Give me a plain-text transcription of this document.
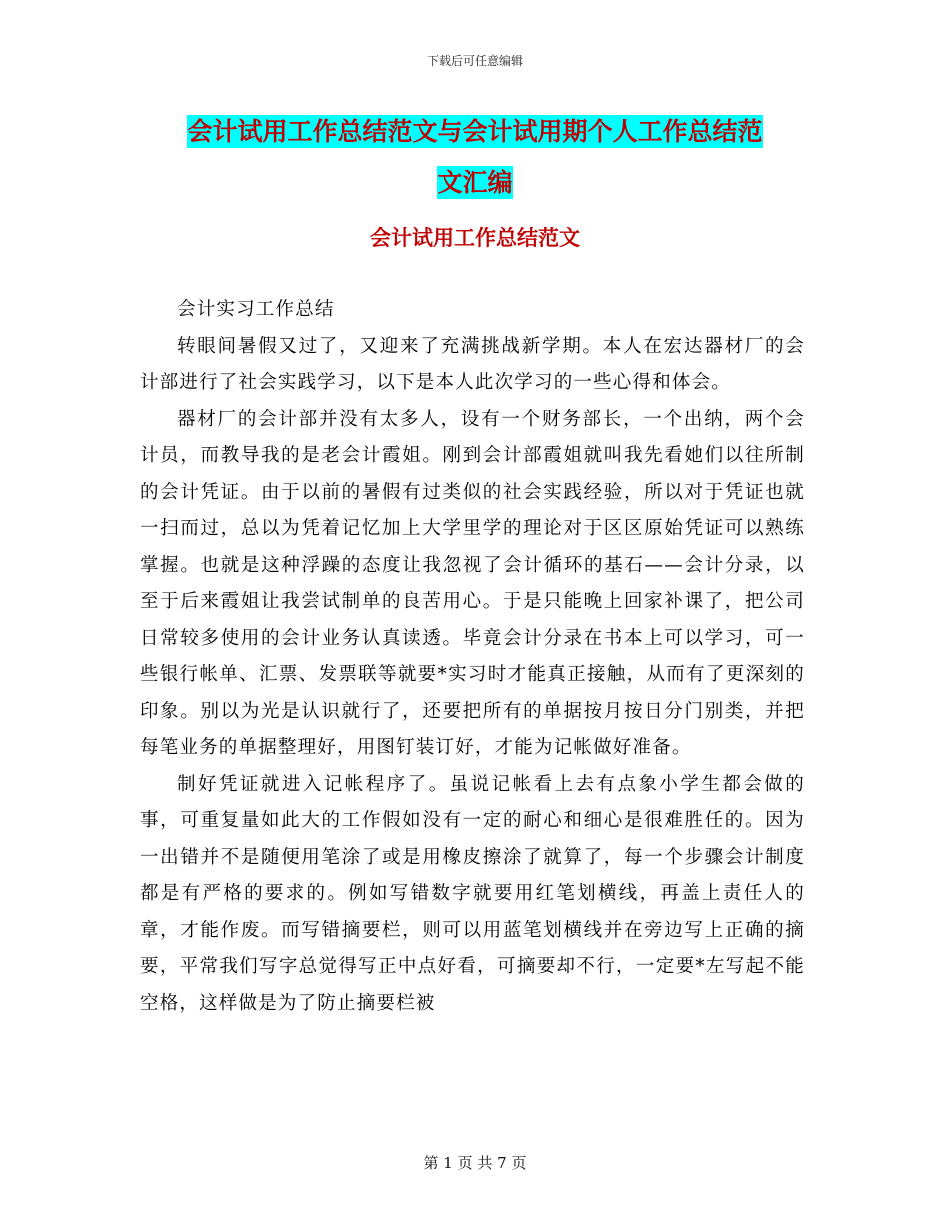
下载后可任意编辑
会计试用工作总结范文与会计试用期个人工作总结范
文汇编
会计试用工作总结范文

会计实习工作总结

转眼间暑假又过了，又迎来了充满挑战新学期。本人在宏达器材厂的会计部进行了社会实践学习，以下是本人此次学习的一些心得和体会。

器材厂的会计部并没有太多人，设有一个财务部长，一个出纳，两个会计员，而教导我的是老会计霞姐。刚到会计部霞姐就叫我先看她们以往所制的会计凭证。由于以前的暑假有过类似的社会实践经验，所以对于凭证也就一扫而过，总以为凭着记忆加上大学里学的理论对于区区原始凭证可以熟练掌握。也就是这种浮躁的态度让我忽视了会计循环的基石——会计分录，以至于后来霞姐让我尝试制单的良苦用心。于是只能晚上回家补课了，把公司日常较多使用的会计业务认真读透。毕竟会计分录在书本上可以学习，可一些银行帐单、汇票、发票联等就要*实习时才能真正接触，从而有了更深刻的印象。别以为光是认识就行了，还要把所有的单据按月按日分门别类，并把每笔业务的单据整理好，用图钉装订好，才能为记帐做好准备。

制好凭证就进入记帐程序了。虽说记帐看上去有点象小学生都会做的事，可重复量如此大的工作假如没有一定的耐心和细心是很难胜任的。因为一出错并不是随便用笔涂了或是用橡皮擦涂了就算了，每一个步骤会计制度都是有严格的要求的。例如写错数字就要用红笔划横线，再盖上责任人的章，才能作废。而写错摘要栏，则可以用蓝笔划横线并在旁边写上正确的摘要，平常我们写字总觉得写正中点好看，可摘要却不行，一定要*左写起不能空格，这样做是为了防止摘要栏被

第 1 页 共 7 页
